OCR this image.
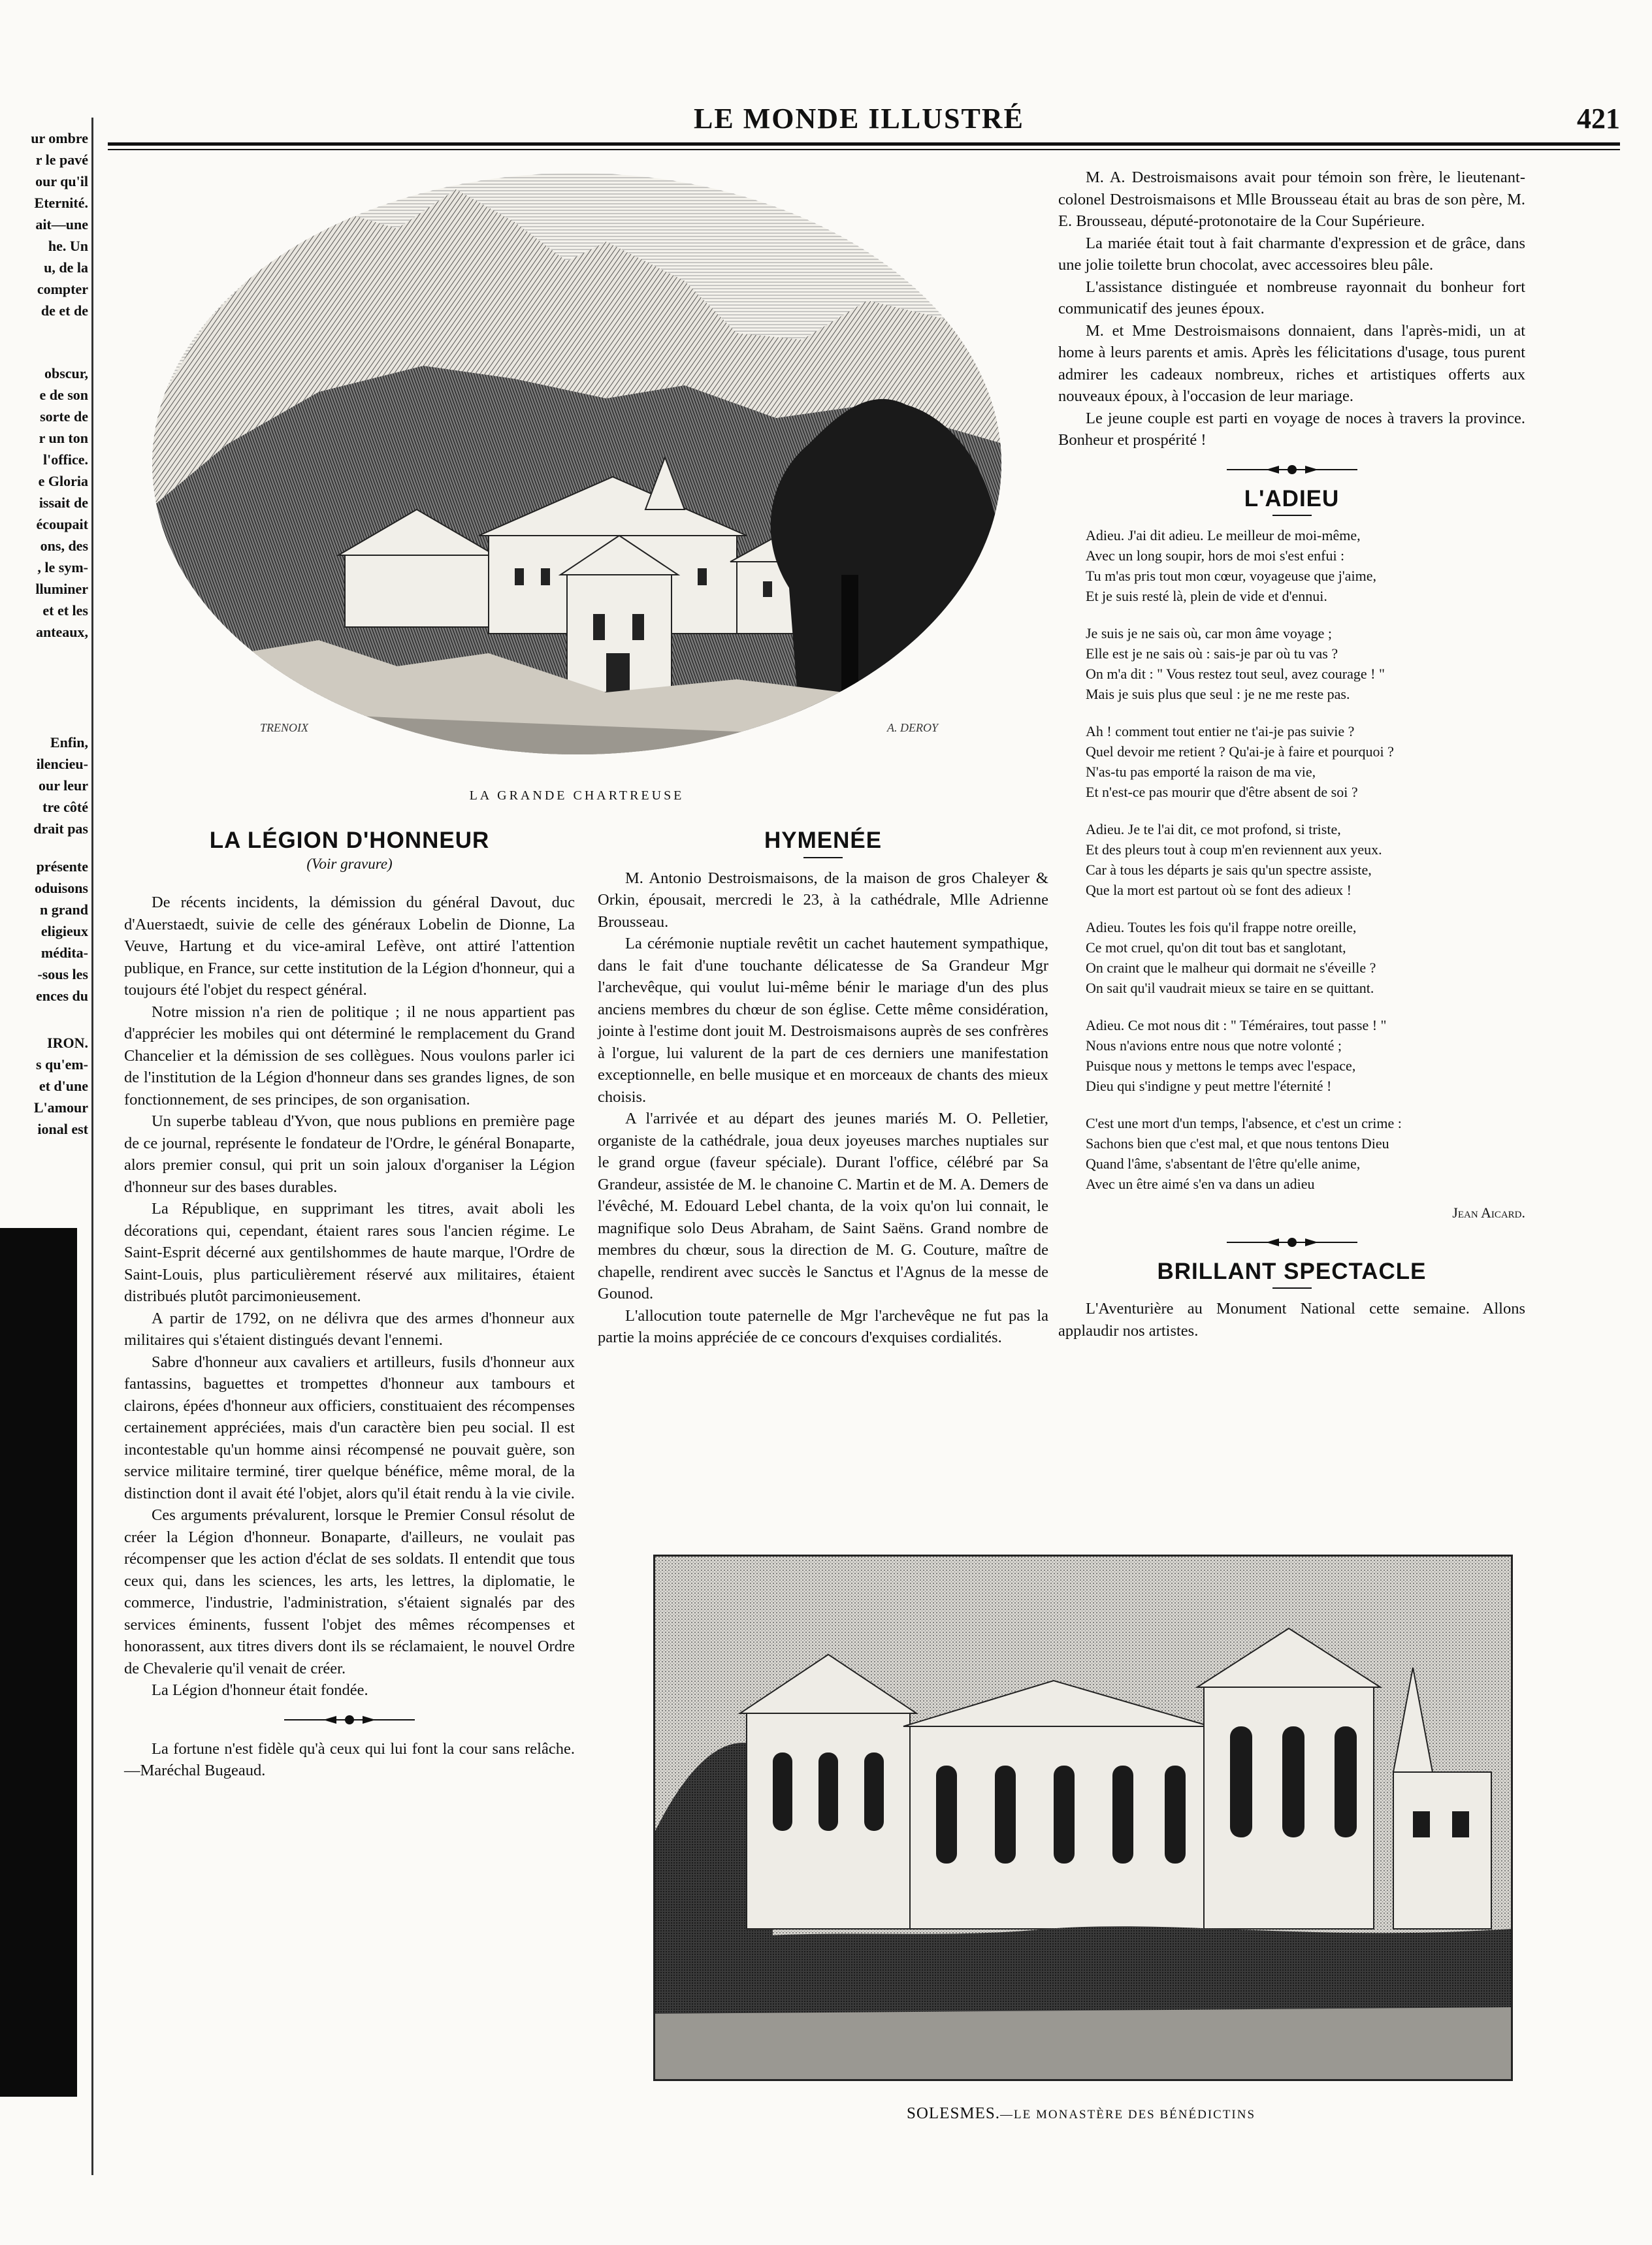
ur ombre

r le pavé

our qu'il

Eternité.

ait—une

he. Un

u, de la

compter

de et de

obscur,

e de son

sorte de

r un ton

l'office.

e Gloria

issait de

écoupait

ons, des

, le sym-

lluminer

et et les

anteaux,

Enfin,

ilencieu-

our leur

tre côté

drait pas

présente

oduisons

n grand

eligieux

médita-

-sous les

ences du

IRON.

s qu'em-

et d'une

L'amour

ional est

LE MONDE ILLUSTRÉ	421
TRENOIX	A. DEROY
LA GRANDE CHARTREUSE
LA LÉGION D'HONNEUR
(Voir gravure)

De récents incidents, la démission du général Davout, duc d'Auerstaedt, suivie de celle des généraux Lobelin de Dionne, La Veuve, Hartung et du vice-amiral Lefève, ont attiré l'attention publique, en France, sur cette institution de la Légion d'honneur, qui a toujours été l'objet du respect général.

Notre mission n'a rien de politique ; il ne nous appartient pas d'apprécier les mobiles qui ont déterminé le remplacement du Grand Chancelier et la démission de ses collègues. Nous voulons parler ici de l'institution de la Légion d'honneur dans ses grandes lignes, de son fonctionnement, de ses principes, de son organisation.

Un superbe tableau d'Yvon, que nous publions en première page de ce journal, représente le fondateur de l'Ordre, le général Bonaparte, alors premier consul, qui prit un soin jaloux d'organiser la Légion d'honneur sur des bases durables.

La République, en supprimant les titres, avait aboli les décorations qui, cependant, étaient rares sous l'ancien régime. Le Saint-Esprit décerné aux gentilshommes de haute marque, l'Ordre de Saint-Louis, plus particulièrement réservé aux militaires, étaient distribués plutôt parcimonieusement.

A partir de 1792, on ne délivra que des armes d'honneur aux militaires qui s'étaient distingués devant l'ennemi.

Sabre d'honneur aux cavaliers et artilleurs, fusils d'honneur aux fantassins, baguettes et trompettes d'honneur aux tambours et clairons, épées d'honneur aux officiers, constituaient des récompenses certainement appréciées, mais d'un caractère bien peu social. Il est incontestable qu'un homme ainsi récompensé ne pouvait guère, son service militaire terminé, tirer quelque bénéfice, même moral, de la distinction dont il avait été l'objet, alors qu'il était rendu à la vie civile.

Ces arguments prévalurent, lorsque le Premier Consul résolut de créer la Légion d'honneur. Bonaparte, d'ailleurs, ne voulait pas récompenser que les action d'éclat de ses soldats. Il entendit que tous ceux qui, dans les sciences, les arts, les lettres, la diplomatie, le commerce, l'industrie, l'administration, s'étaient signalés par des services éminents, fussent l'objet des mêmes récompenses et honorassent, aux titres divers dont ils se réclamaient, le nouvel Ordre de Chevalerie qu'il venait de créer.

La Légion d'honneur était fondée.

La fortune n'est fidèle qu'à ceux qui lui font la cour sans relâche.—Maréchal Bugeaud.

HYMENÉE

M. Antonio Destroismaisons, de la maison de gros Chaleyer & Orkin, épousait, mercredi le 23, à la cathédrale, Mlle Adrienne Brousseau.

La cérémonie nuptiale revêtit un cachet hautement sympathique, dans le fait d'une touchante délicatesse de Sa Grandeur Mgr l'archevêque, qui voulut lui-même bénir le mariage d'un des plus anciens membres du chœur de son église. Cette même considération, jointe à l'estime dont jouit M. Destroismaisons auprès de ses confrères à l'orgue, lui valurent de la part de ces derniers une manifestation exceptionnelle, en belle musique et en morceaux de chants des mieux choisis.

A l'arrivée et au départ des jeunes mariés M. O. Pelletier, organiste de la cathédrale, joua deux joyeuses marches nuptiales sur le grand orgue (faveur spéciale). Durant l'office, célébré par Sa Grandeur, assistée de M. le chanoine C. Martin et de M. A. Demers de l'évêché, M. Edouard Lebel chanta, de la voix qu'on lui connait, le magnifique solo Deus Abraham, de Saint Saëns. Grand nombre de membres du chœur, sous la direction de M. G. Couture, maître de chapelle, rendirent avec succès le Sanctus et l'Agnus de la messe de Gounod.

L'allocution toute paternelle de Mgr l'archevêque ne fut pas la partie la moins appréciée de ce concours d'exquises cordialités.

M. A. Destroismaisons avait pour témoin son frère, le lieutenant-colonel Destroismaisons et Mlle Brousseau était au bras de son père, M. E. Brousseau, député-protonotaire de la Cour Supérieure.

La mariée était tout à fait charmante d'expression et de grâce, dans une jolie toilette brun chocolat, avec accessoires bleu pâle.

L'assistance distinguée et nombreuse rayonnait du bonheur fort communicatif des jeunes époux.

M. et Mme Destroismaisons donnaient, dans l'après-midi, un at home à leurs parents et amis. Après les félicitations d'usage, tous purent admirer les cadeaux nombreux, riches et artistiques offerts aux nouveaux époux, à l'occasion de leur mariage.

Le jeune couple est parti en voyage de noces à travers la province. Bonheur et prospérité !

L'ADIEU
Adieu. J'ai dit adieu. Le meilleur de moi-même,
Avec un long soupir, hors de moi s'est enfui :
Tu m'as pris tout mon cœur, voyageuse que j'aime,
Et je suis resté là, plein de vide et d'ennui.
Je suis je ne sais où, car mon âme voyage ;
Elle est je ne sais où : sais-je par où tu vas ?
On m'a dit : " Vous restez tout seul, avez courage ! "
Mais je suis plus que seul : je ne me reste pas.
Ah ! comment tout entier ne t'ai-je pas suivie ?
Quel devoir me retient ? Qu'ai-je à faire et pourquoi ?
N'as-tu pas emporté la raison de ma vie,
Et n'est-ce pas mourir que d'être absent de soi ?
Adieu. Je te l'ai dit, ce mot profond, si triste,
Et des pleurs tout à coup m'en reviennent aux yeux.
Car à tous les départs je sais qu'un spectre assiste,
Que la mort est partout où se font des adieux !
Adieu. Toutes les fois qu'il frappe notre oreille,
Ce mot cruel, qu'on dit tout bas et sanglotant,
On craint que le malheur qui dormait ne s'éveille ?
On sait qu'il vaudrait mieux se taire en se quittant.
Adieu. Ce mot nous dit : " Téméraires, tout passe ! "
Nous n'avions entre nous que notre volonté ;
Puisque nous y mettons le temps avec l'espace,
Dieu qui s'indigne y peut mettre l'éternité !
C'est une mort d'un temps, l'absence, et c'est un crime :
Sachons bien que c'est mal, et que nous tentons Dieu
Quand l'âme, s'absentant de l'être qu'elle anime,
Avec un être aimé s'en va dans un adieu

Jean Aicard.

BRILLANT SPECTACLE

L'Aventurière au Monument National cette semaine. Allons applaudir nos artistes.

SOLESMES.—LE MONASTÈRE DES BÉNÉDICTINS
